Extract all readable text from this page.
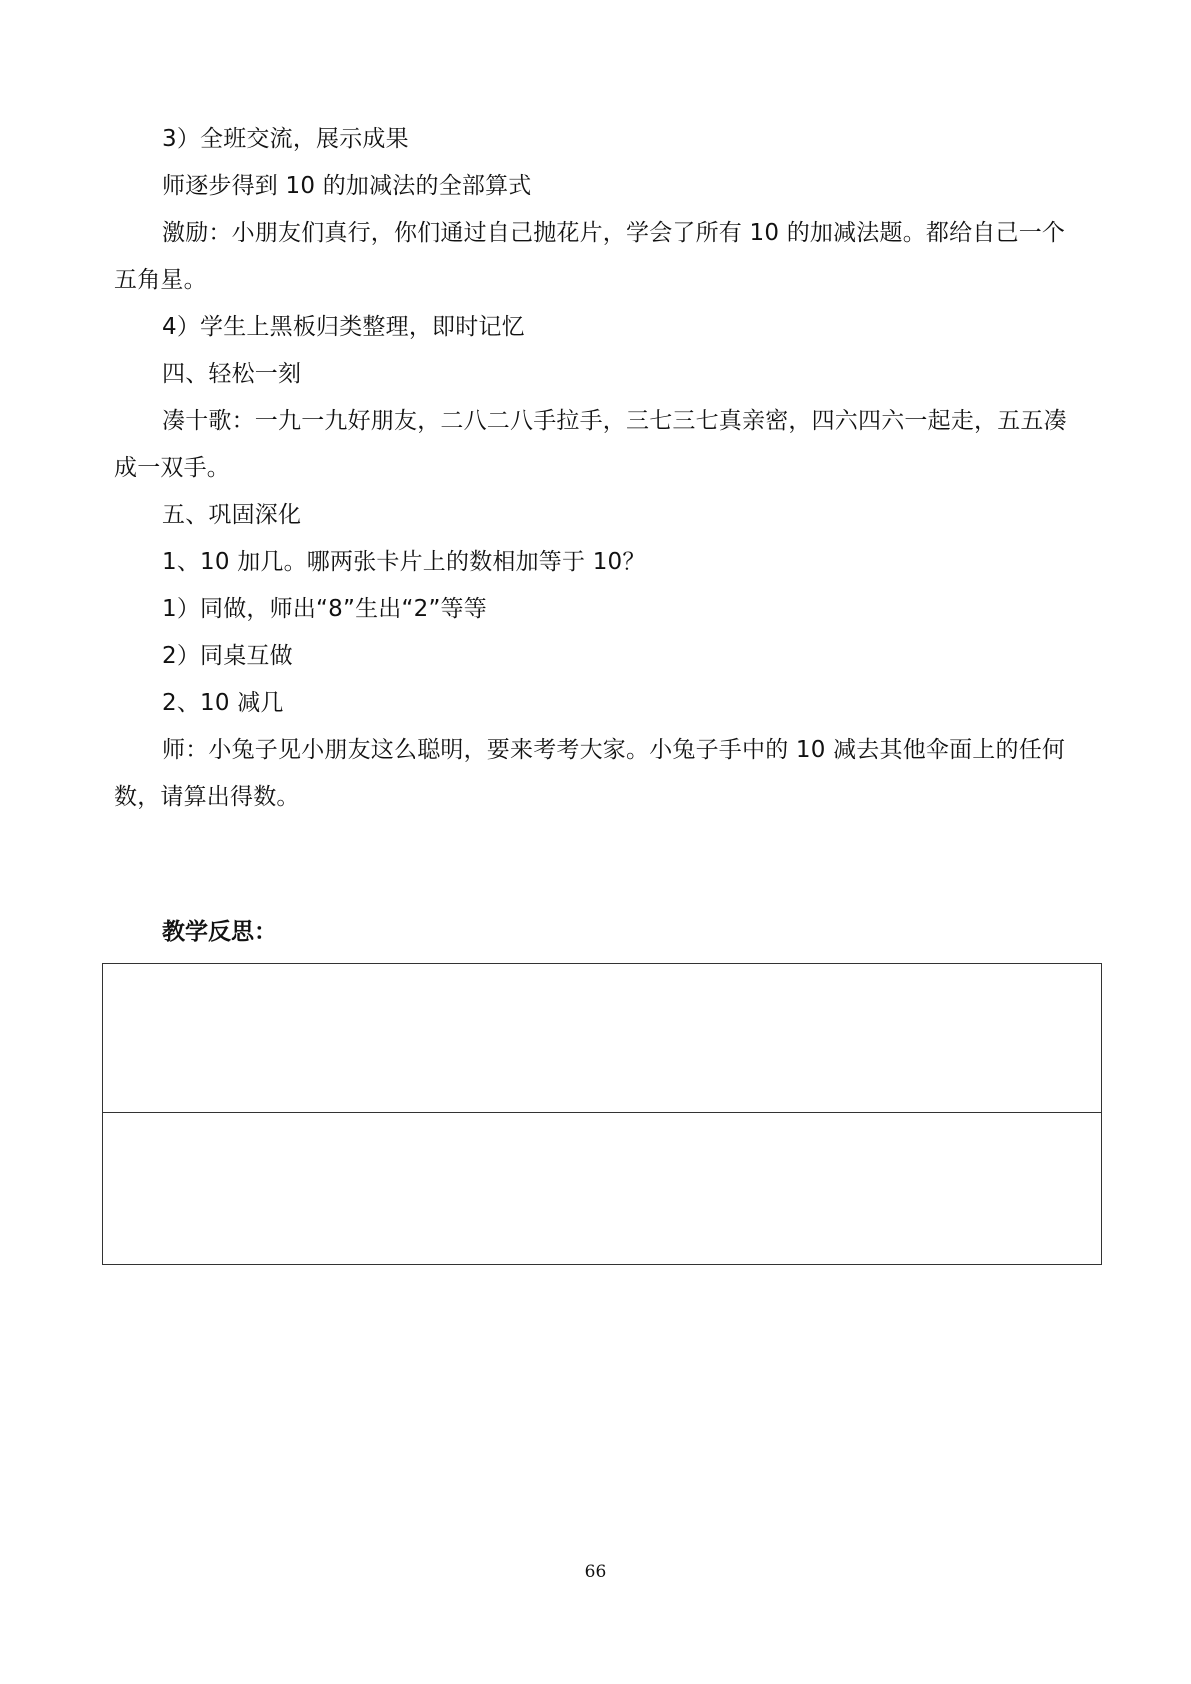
3）全班交流，展示成果

师逐步得到 10 的加减法的全部算式

激励：小朋友们真行，你们通过自己抛花片，学会了所有 10 的加减法题。都给自己一个五角星。

4）学生上黑板归类整理，即时记忆

四、轻松一刻

凑十歌：一九一九好朋友，二八二八手拉手，三七三七真亲密，四六四六一起走，五五凑成一双手。

五、巩固深化

1、10 加几。哪两张卡片上的数相加等于 10？

1）同做，师出“8”生出“2”等等

2）同桌互做

2、10 减几

师：小兔子见小朋友这么聪明，要来考考大家。小兔子手中的 10 减去其他伞面上的任何数，请算出得数。

教学反思：

66
